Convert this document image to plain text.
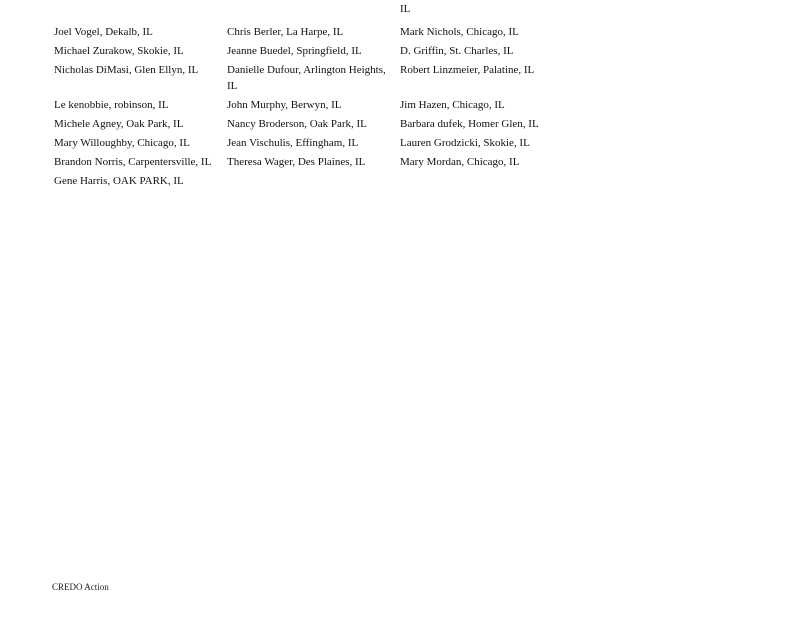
IL
Joel Vogel, Dekalb, IL	Chris Berler, La Harpe, IL	Mark Nichols, Chicago, IL
Michael Zurakow, Skokie, IL	Jeanne Buedel, Springfield, IL	D. Griffin, St. Charles, IL
Nicholas DiMasi, Glen Ellyn, IL	Danielle Dufour, Arlington Heights, IL	Robert Linzmeier, Palatine, IL
Le kenobbie, robinson, IL	John Murphy, Berwyn, IL	Jim Hazen, Chicago, IL
Michele Agney, Oak Park, IL	Nancy Broderson, Oak Park, IL	Barbara dufek, Homer Glen, IL
Mary Willoughby, Chicago, IL	Jean Vischulis, Effingham, IL	Lauren Grodzicki, Skokie, IL
Brandon Norris, Carpentersville, IL	Theresa Wager, Des Plaines, IL	Mary Mordan, Chicago, IL
Gene Harris, OAK PARK, IL		
CREDO Action
